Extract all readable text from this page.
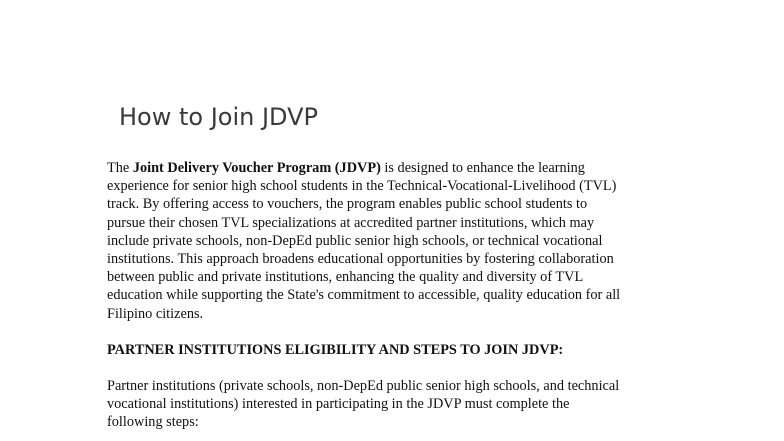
How to Join JDVP

The Joint Delivery Voucher Program (JDVP) is designed to enhance the learning
experience for senior high school students in the Technical-Vocational-Livelihood (TVL)
track. By offering access to vouchers, the program enables public school students to
pursue their chosen TVL specializations at accredited partner institutions, which may
include private schools, non-DepEd public senior high schools, or technical vocational
institutions. This approach broadens educational opportunities by fostering collaboration
between public and private institutions, enhancing the quality and diversity of TVL
education while supporting the State's commitment to accessible, quality education for all
Filipino citizens.

PARTNER INSTITUTIONS ELIGIBILITY AND STEPS TO JOIN JDVP:

Partner institutions (private schools, non-DepEd public senior high schools, and technical
vocational institutions) interested in participating in the JDVP must complete the
following steps:
